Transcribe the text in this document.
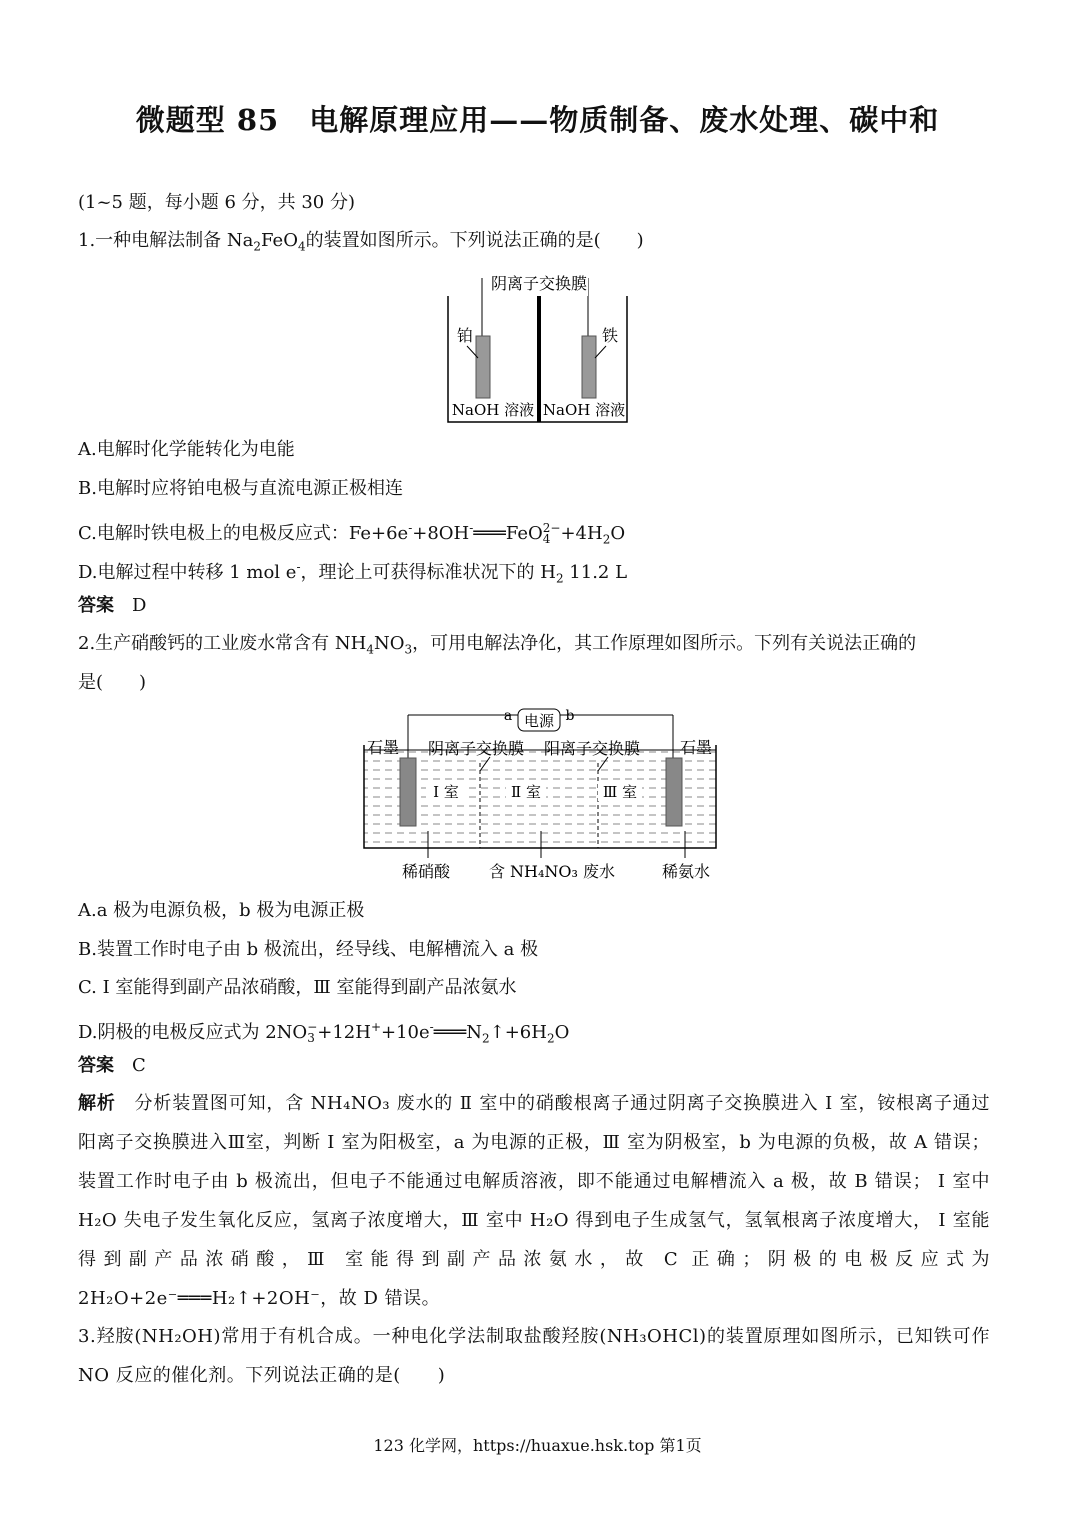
微题型 85　电解原理应用——物质制备、废水处理、碳中和
(1~5 题，每小题 6 分，共 30 分)
1.一种电解法制备 $Na_2FeO_4$的装置如图所示。下列说法正确的是(　　)
阴离子交换膜
铂	铁
NaOH 溶液 NaOH 溶液
A.电解时化学能转化为电能
B.电解时应将铂电极与直流电源正极相连
C.电解时铁电极上的电极反应式：Fe+6e-+8OH-═══FeO 2−
$4 +4H_2O$
D.电解过程中转移 1 mol e-，理论上可获得标准状况下的 $H_2$ 11.2 L
答案　 D
2.生产硝酸钙的工业废水常含有 $NH_4NO_3$，可用电解法净化，其工作原理如图所示。下列有关说法正确的
是(　　)
电源
a	b
石墨	石墨
阴离子交换膜 阳离子交换膜
Ⅰ 室	Ⅱ 室	Ⅲ 室
稀硝酸 含 NH₄NO₃ 废水	稀氨水
A.a 极为电源负极，b 极为电源正极
B.装置工作时电子由 b 极流出，经导线、电解槽流入 a 极
C. Ⅰ 室能得到副产品浓硝酸，Ⅲ 室能得到副产品浓氨水
D.阴极的电极反应式为 2NO −
$3 +12H^++10e^-═══N_2↑+6H_2O$
答案　 C
解析　 分析装置图可知，含 NH₄NO₃ 废水的 Ⅱ 室中的硝酸根离子通过阴离子交换膜进入 Ⅰ 室，铵根离子通过阳离子交换膜进入Ⅲ室，判断 Ⅰ 室为阳极室，a 为电源的正极，Ⅲ 室为阴极室，b 为电源的负极，故 A 错误；装置工作时电子由 b 极流出，但电子不能通过电解质溶液，即不能通过电解槽流入 a 极，故 B 错误； Ⅰ 室中 H₂O 失电子发生氧化反应，氢离子浓度增大，Ⅲ 室中 H₂O 得到电子生成氢气，氢氧根离子浓度增大， Ⅰ 室能得到副产品浓硝酸，Ⅲ 室能得到副产品浓氨水，故 C 正确；阴极的电极反应式为 2H₂O+2e⁻═══H₂↑+2OH⁻，故 D 错误。
3.羟胺(NH₂OH)常用于有机合成。一种电化学法制取盐酸羟胺(NH₃OHCl)的装置原理如图所示，已知铁可作 NO 反应的催化剂。下列说法正确的是(　　)
123 化学网，https://huaxue.hsk.top 第1页
